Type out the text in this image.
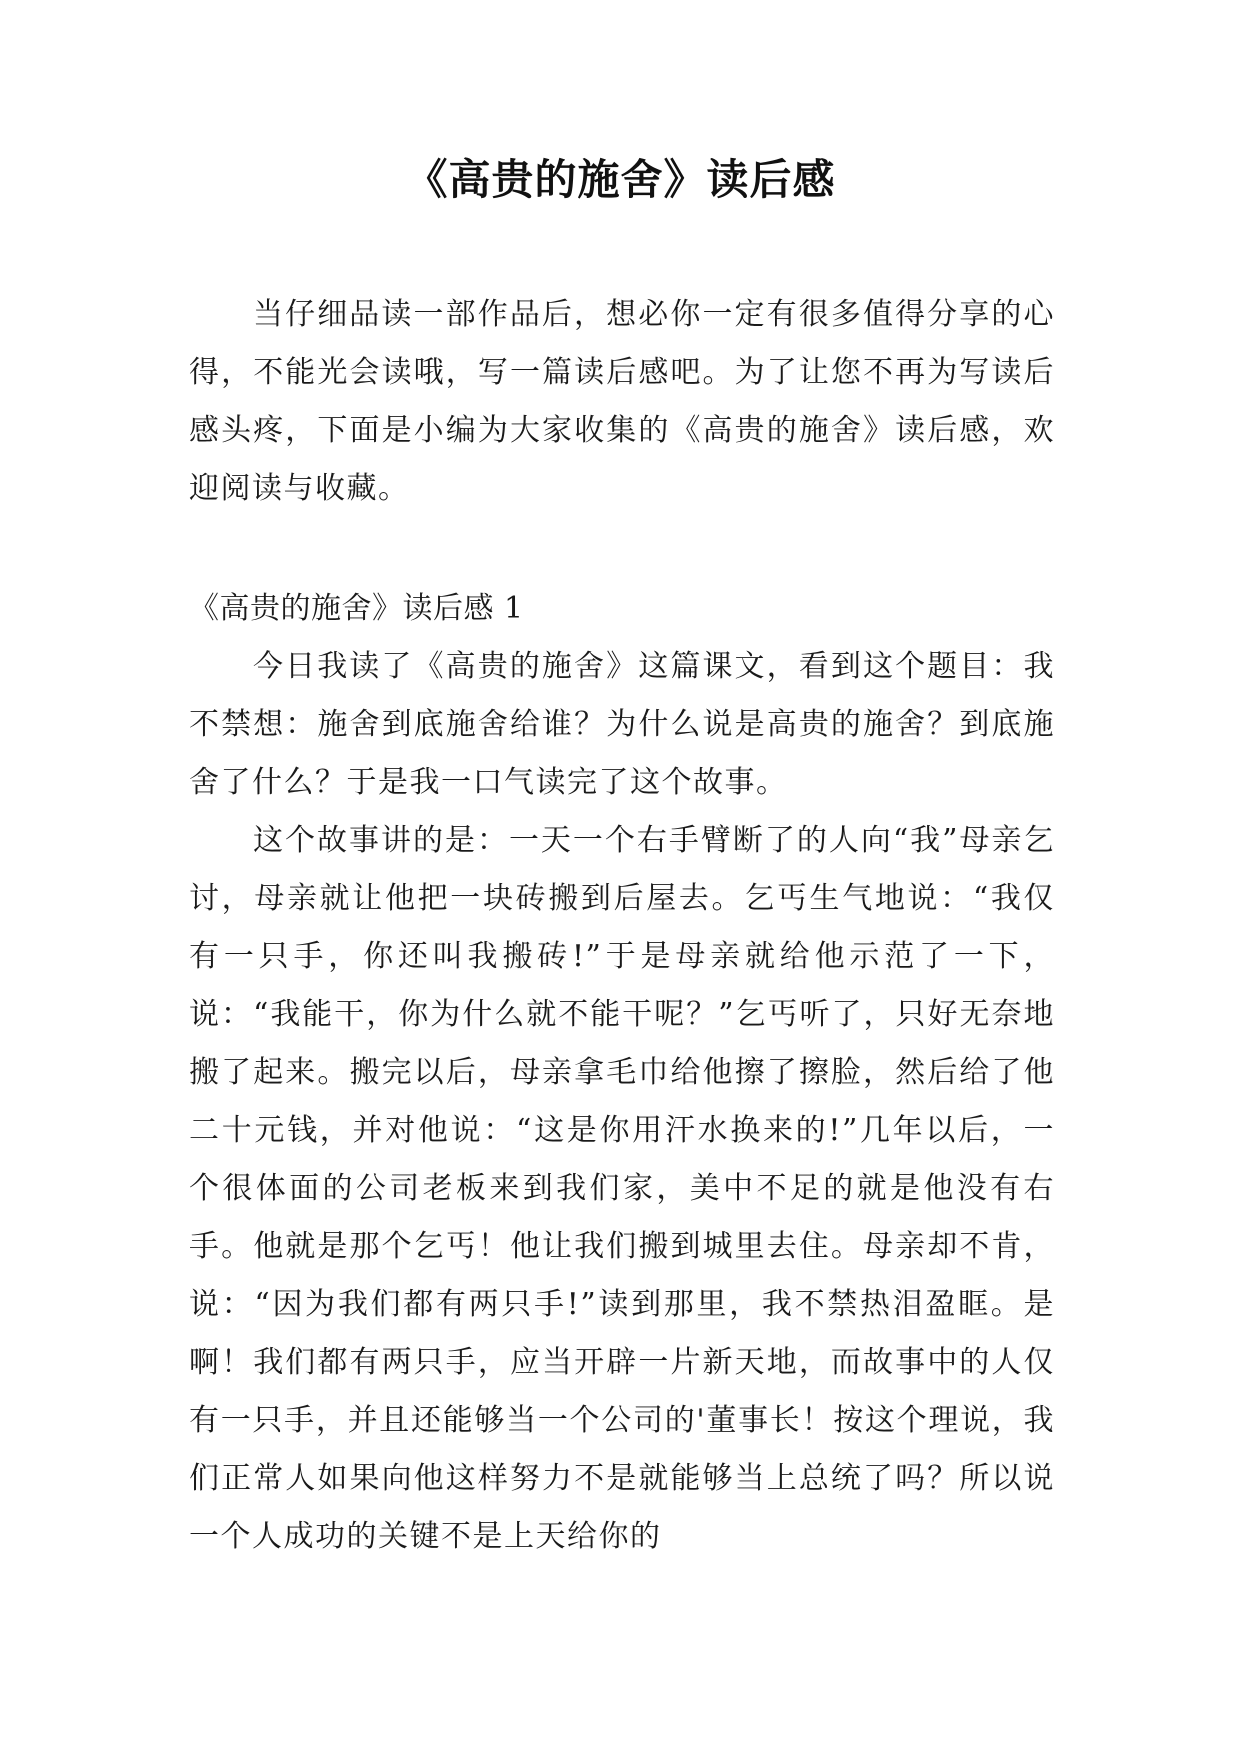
《高贵的施舍》读后感

当仔细品读一部作品后，想必你一定有很多值得分享的心得，不能光会读哦，写一篇读后感吧。为了让您不再为写读后感头疼，下面是小编为大家收集的《高贵的施舍》读后感，欢迎阅读与收藏。

《高贵的施舍》读后感 1

今日我读了《高贵的施舍》这篇课文，看到这个题目：我不禁想：施舍到底施舍给谁？为什么说是高贵的施舍？到底施舍了什么？于是我一口气读完了这个故事。

这个故事讲的是：一天一个右手臂断了的人向“我”母亲乞讨，母亲就让他把一块砖搬到后屋去。乞丐生气地说：“我仅有一只手，你还叫我搬砖!”于是母亲就给他示范了一下，说：“我能干，你为什么就不能干呢？”乞丐听了，只好无奈地搬了起来。搬完以后，母亲拿毛巾给他擦了擦脸，然后给了他二十元钱，并对他说：“这是你用汗水换来的!”几年以后，一个很体面的公司老板来到我们家，美中不足的就是他没有右手。他就是那个乞丐！他让我们搬到城里去住。母亲却不肯，说：“因为我们都有两只手!”读到那里，我不禁热泪盈眶。是啊！我们都有两只手，应当开辟一片新天地，而故事中的人仅有一只手，并且还能够当一个公司的'董事长！按这个理说，我们正常人如果向他这样努力不是就能够当上总统了吗？所以说一个人成功的关键不是上天给你的
